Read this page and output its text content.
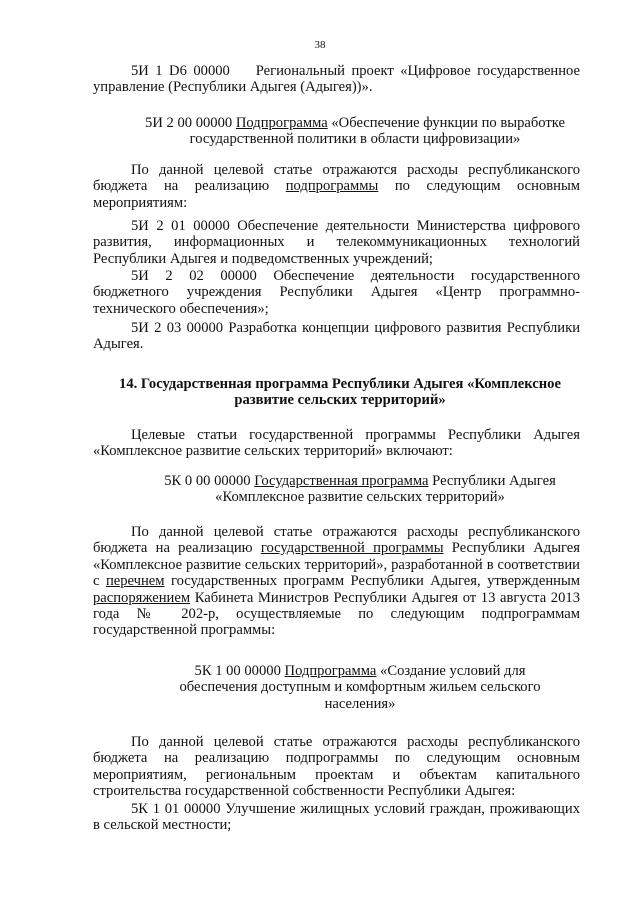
38

5И 1 D6 00000 Региональный проект «Цифровое государственное управление (Республики Адыгея (Адыгея))».

5И 2 00 00000 Подпрограмма «Обеспечение функции по выработке государственной политики в области цифровизации»

По данной целевой статье отражаются расходы республиканского бюджета на реализацию подпрограммы по следующим основным мероприятиям:

5И 2 01 00000 Обеспечение деятельности Министерства цифрового развития, информационных и телекоммуникационных технологий Республики Адыгея и подведомственных учреждений;

5И 2 02 00000 Обеспечение деятельности государственного бюджетного учреждения Республики Адыгея «Центр программно-технического обеспечения»;

5И 2 03 00000 Разработка концепции цифрового развития Республики Адыгея.

14. Государственная программа Республики Адыгея «Комплексное развитие сельских территорий»

Целевые статьи государственной программы Республики Адыгея «Комплексное развитие сельских территорий» включают:

5К 0 00 00000 Государственная программа Республики Адыгея «Комплексное развитие сельских территорий»

По данной целевой статье отражаются расходы республиканского бюджета на реализацию государственной программы Республики Адыгея «Комплексное развитие сельских территорий», разработанной в соответствии с перечнем государственных программ Республики Адыгея, утвержденным распоряжением Кабинета Министров Республики Адыгея от 13 августа 2013 года № 202-р, осуществляемые по следующим подпрограммам государственной программы:

5К 1 00 00000 Подпрограмма «Создание условий для обеспечения доступным и комфортным жильем сельского населения»

По данной целевой статье отражаются расходы республиканского бюджета на реализацию подпрограммы по следующим основным мероприятиям, региональным проектам и объектам капитального строительства государственной собственности Республики Адыгея:

5К 1 01 00000 Улучшение жилищных условий граждан, проживающих в сельской местности;
